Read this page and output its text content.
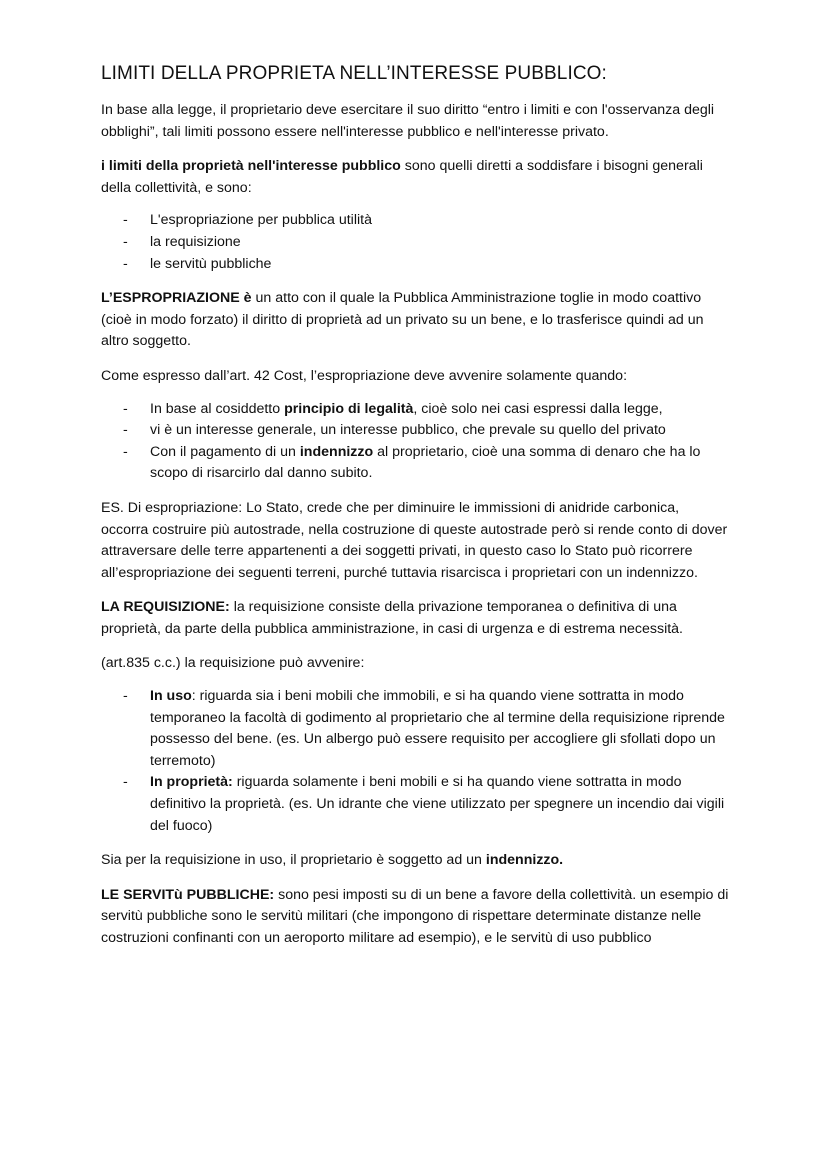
LIMITI DELLA PROPRIETA NELL’INTERESSE PUBBLICO:

In base alla legge, il proprietario deve esercitare il suo diritto “entro i limiti e con l'osservanza degli obblighi”, tali limiti possono essere nell'interesse pubblico e nell'interesse privato.

i limiti della proprietà nell'interesse pubblico sono quelli diretti a soddisfare i bisogni generali della collettività, e sono:

- L'espropriazione per pubblica utilità
- la requisizione
- le servitù pubbliche

L’ESPROPRIAZIONE è un atto con il quale la Pubblica Amministrazione toglie in modo coattivo (cioè in modo forzato) il diritto di proprietà ad un privato su un bene, e lo trasferisce quindi ad un altro soggetto.

Come espresso dall’art. 42 Cost, l’espropriazione deve avvenire solamente quando:

- In base al cosiddetto principio di legalità, cioè solo nei casi espressi dalla legge,
- vi è un interesse generale, un interesse pubblico, che prevale su quello del privato
- Con il pagamento di un indennizzo al proprietario, cioè una somma di denaro che ha lo scopo di risarcirlo dal danno subito.

ES. Di espropriazione: Lo Stato, crede che per diminuire le immissioni di anidride carbonica, occorra costruire più autostrade, nella costruzione di queste autostrade però si rende conto di dover attraversare delle terre appartenenti a dei soggetti privati, in questo caso lo Stato può ricorrere all’espropriazione dei seguenti terreni, purché tuttavia risarcisca i proprietari con un indennizzo.

LA REQUISIZIONE: la requisizione consiste della privazione temporanea o definitiva di una proprietà, da parte della pubblica amministrazione, in casi di urgenza e di estrema necessità.

(art.835 c.c.) la requisizione può avvenire:

- In uso: riguarda sia i beni mobili che immobili, e si ha quando viene sottratta in modo temporaneo la facoltà di godimento al proprietario che al termine della requisizione riprende possesso del bene. (es. Un albergo può essere requisito per accogliere gli sfollati dopo un terremoto)
- In proprietà: riguarda solamente i beni mobili e si ha quando viene sottratta in modo definitivo la proprietà. (es. Un idrante che viene utilizzato per spegnere un incendio dai vigili del fuoco)

Sia per la requisizione in uso, il proprietario è soggetto ad un indennizzo.

LE SERVITù PUBBLICHE: sono pesi imposti su di un bene a favore della collettività. un esempio di servitù pubbliche sono le servitù militari (che impongono di rispettare determinate distanze nelle costruzioni confinanti con un aeroporto militare ad esempio), e le servitù di uso pubblico
